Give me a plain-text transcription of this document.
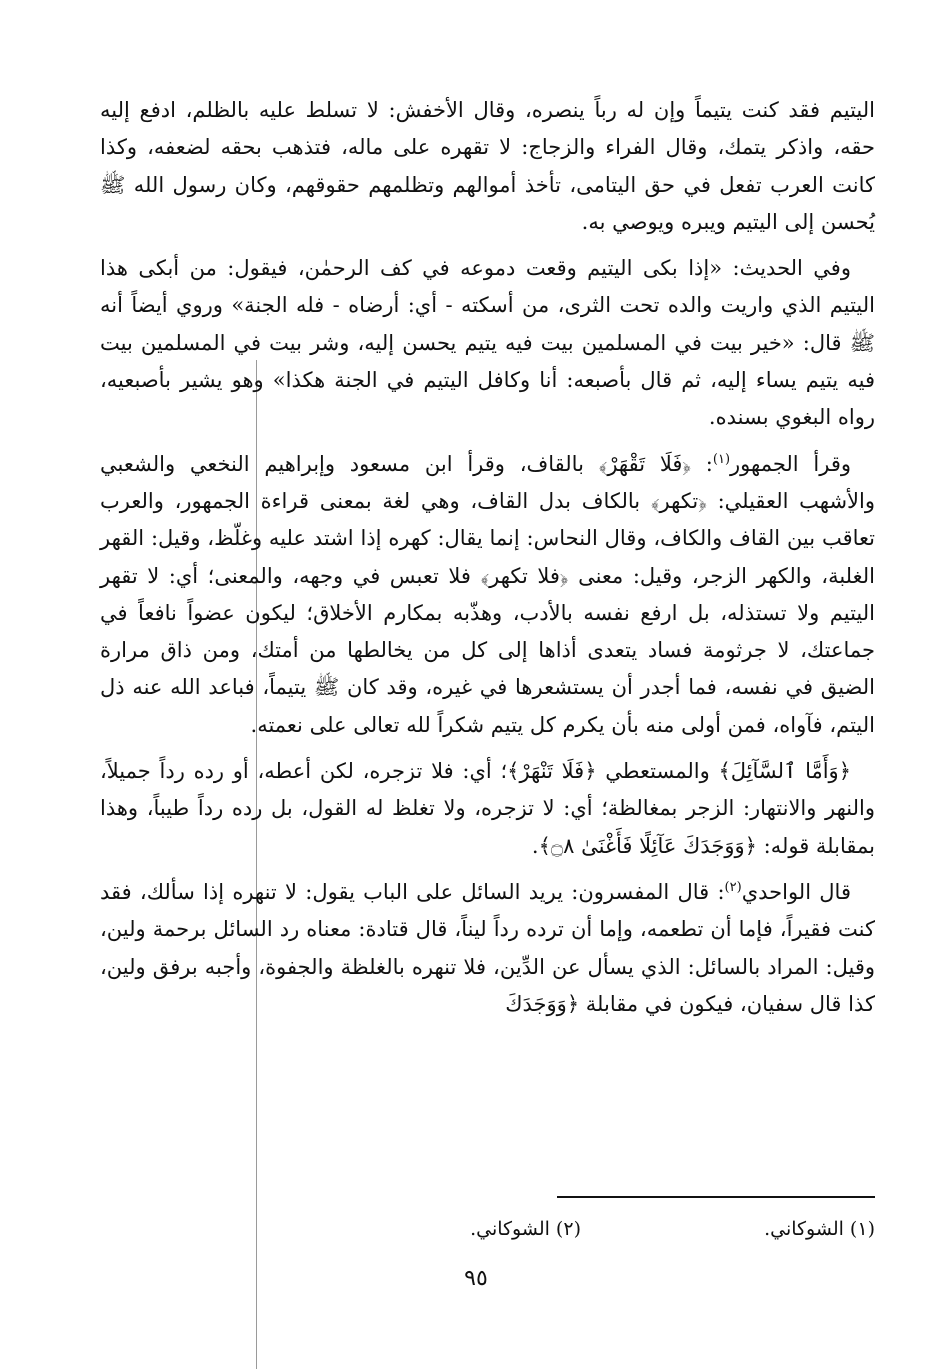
اليتيم فقد كنت يتيماً وإن له رباً ينصره، وقال الأخفش: لا تسلط عليه بالظلم، ادفع إليه حقه، واذكر يتمك، وقال الفراء والزجاج: لا تقهره على ماله، فتذهب بحقه لضعفه، وكذا كانت العرب تفعل في حق اليتامى، تأخذ أموالهم وتظلمهم حقوقهم، وكان رسول الله ﷺ يُحسن إلى اليتيم ويبره ويوصي به.

وفي الحديث: «إذا بكى اليتيم وقعت دموعه في كف الرحمٰن، فيقول: من أبكى هذا اليتيم الذي واريت والده تحت الثرى، من أسكته - أي: أرضاه - فله الجنة» وروي أيضاً أنه ﷺ قال: «خير بيت في المسلمين بيت فيه يتيم يحسن إليه، وشر بيت في المسلمين بيت فيه يتيم يساء إليه، ثم قال بأصبعه: أنا وكافل اليتيم في الجنة هكذا» وهو يشير بأصبعيه، رواه البغوي بسنده.

وقرأ الجمهور$^{(١)}$: ﴿فَلَا تَقْهَرْ﴾ بالقاف، وقرأ ابن مسعود وإبراهيم النخعي والشعبي والأشهب العقيلي: ﴿تكهر﴾ بالكاف بدل القاف، وهي لغة بمعنى قراءة الجمهور، والعرب تعاقب بين القاف والكاف، وقال النحاس: إنما يقال: كهره إذا اشتد عليه وغلّظ، وقيل: القهر الغلبة، والكهر الزجر، وقيل: معنى ﴿فلا تكهر﴾ فلا تعبس في وجهه، والمعنى؛ أي: لا تقهر اليتيم ولا تستذله، بل ارفع نفسه بالأدب، وهذّبه بمكارم الأخلاق؛ ليكون عضواً نافعاً في جماعتك، لا جرثومة فساد يتعدى أذاها إلى كل من يخالطها من أمتك، ومن ذاق مرارة الضيق في نفسه، فما أجدر أن يستشعرها في غيره، وقد كان ﷺ يتيماً، فباعد الله عنه ذل اليتم، فآواه، فمن أولى منه بأن يكرم كل يتيم شكراً لله تعالى على نعمته.

﴿وَأَمَّا ٱلسَّآئِلَ﴾ والمستعطي ﴿فَلَا تَنْهَرْ﴾؛ أي: فلا تزجره، لكن أعطه، أو رده رداً جميلاً، والنهر والانتهار: الزجر بمغالظة؛ أي: لا تزجره، ولا تغلظ له القول، بل رده رداً طيباً، وهذا بمقابلة قوله: ﴿وَوَجَدَكَ عَآئِلًا فَأَغْنَىٰ ۝٨﴾.

قال الواحدي$^{(٢)}$: قال المفسرون: يريد السائل على الباب يقول: لا تنهره إذا سألك، فقد كنت فقيراً، فإما أن تطعمه، وإما أن ترده رداً ليناً، قال قتادة: معناه رد السائل برحمة ولين، وقيل: المراد بالسائل: الذي يسأل عن الدِّين، فلا تنهره بالغلظة والجفوة، وأجبه برفق ولين، كذا قال سفيان، فيكون في مقابلة ﴿وَوَجَدَكَ

(١) الشوكاني.
(٢) الشوكاني.
٩٥
